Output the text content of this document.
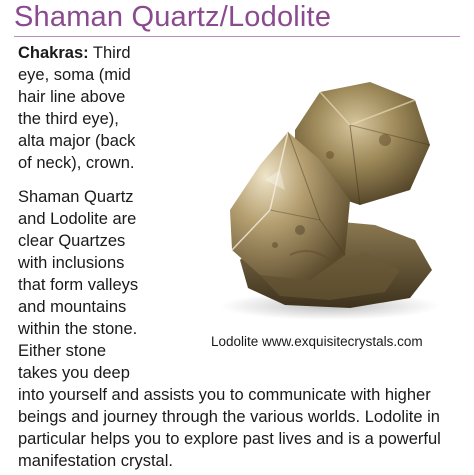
Shaman Quartz/Lodolite
Lodolite www.exquisitecrystals.com
Chakras: Third
eye, soma (mid
hair line above
the third eye),
alta major (back
of neck), crown.
Shaman Quartz
and Lodolite are
clear Quartzes
with inclusions
that form valleys
and mountains
within the stone.
Either stone
takes you deep
into yourself and assists you to communicate with higher
beings and journey through the various worlds. Lodolite in
particular helps you to explore past lives and is a powerful
manifestation crystal.
